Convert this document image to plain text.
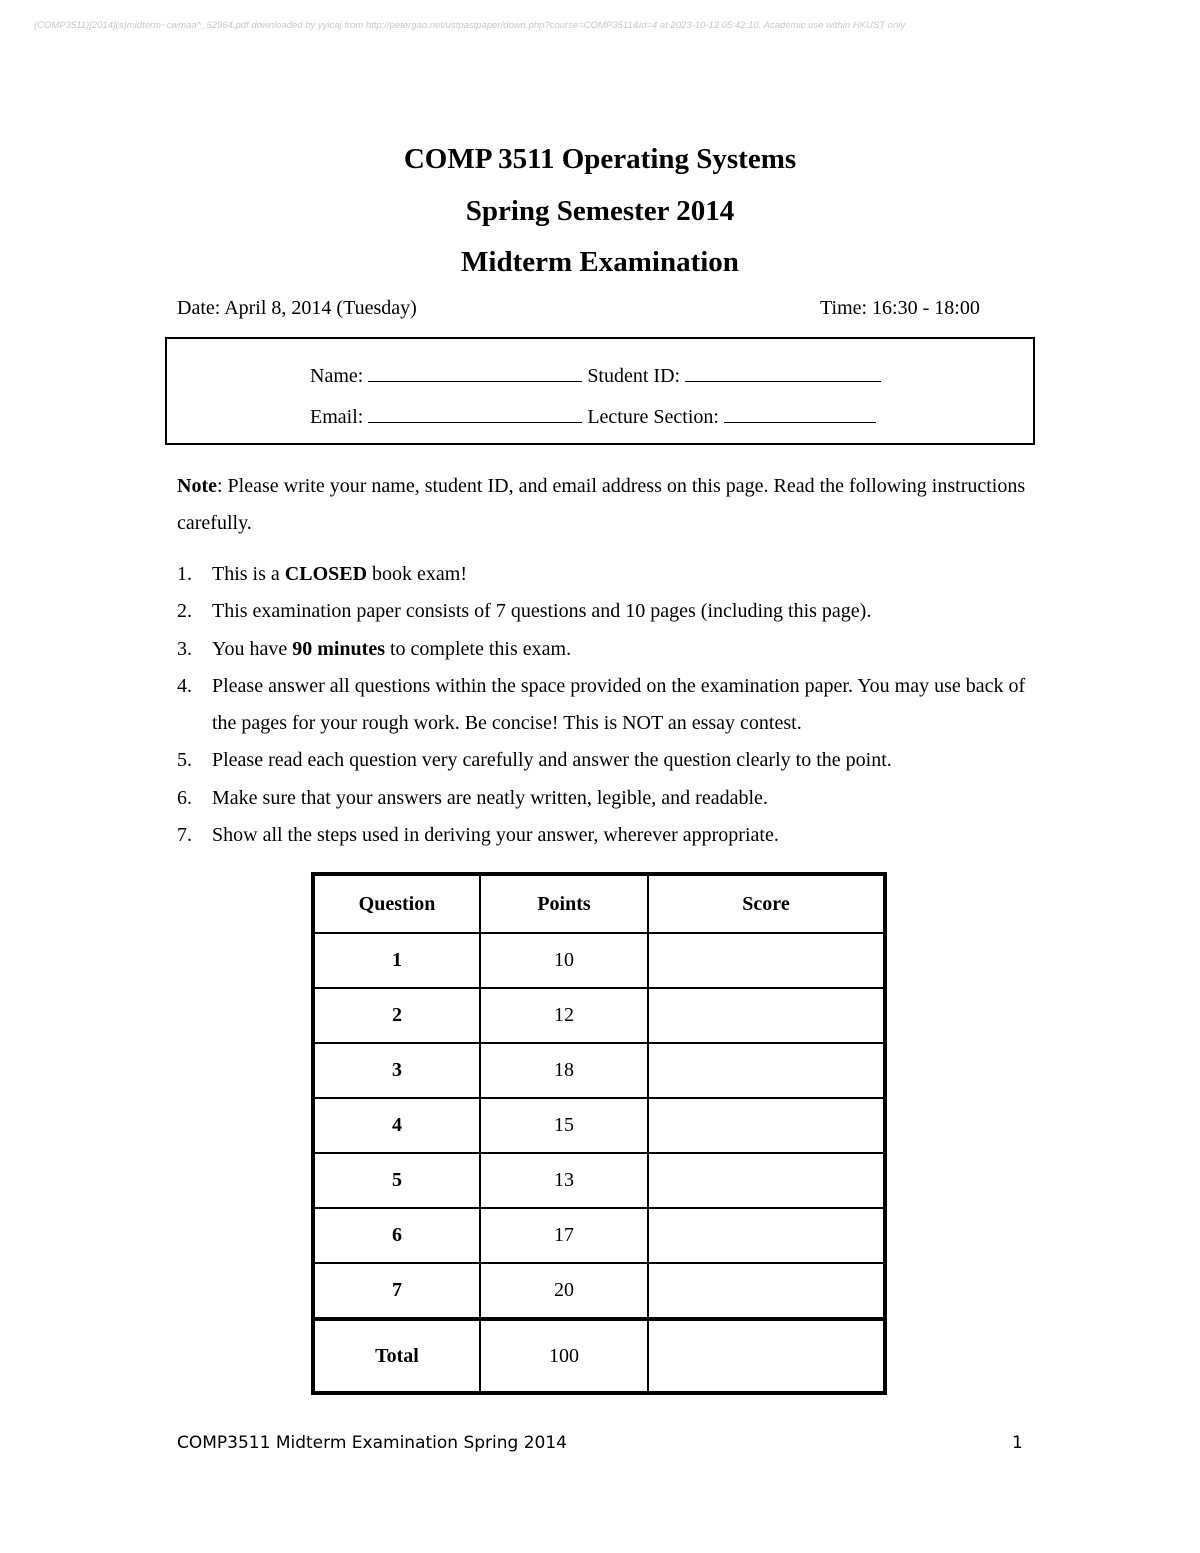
(COMP3511)[2014](s)midterm~cwmaa^_52964.pdf downloaded by yylcaj from http://petergao.net/ustpastpaper/down.php?course=COMP3511&id=4 at 2023-10-12 05:42:10. Academic use within HKUST only
COMP 3511 Operating Systems
Spring Semester 2014
Midterm Examination
Date: April 8, 2014 (Tuesday)	Time: 16:30 - 18:00
Name:	Student ID:
Email:	Lecture Section:
Note: Please write your name, student ID, and email address on this page. Read the following instructions carefully.
1. This is a CLOSED book exam!
2. This examination paper consists of 7 questions and 10 pages (including this page).
3. You have 90 minutes to complete this exam.
4. Please answer all questions within the space provided on the examination paper. You may use back of the pages for your rough work. Be concise! This is NOT an essay contest.
5. Please read each question very carefully and answer the question clearly to the point.
6. Make sure that your answers are neatly written, legible, and readable.
7. Show all the steps used in deriving your answer, wherever appropriate.
Question	Points	Score
1	10	
2	12	
3	18	
4	15	
5	13	
6	17	
7	20	
Total	100	
COMP3511 Midterm Examination Spring 2014	1
